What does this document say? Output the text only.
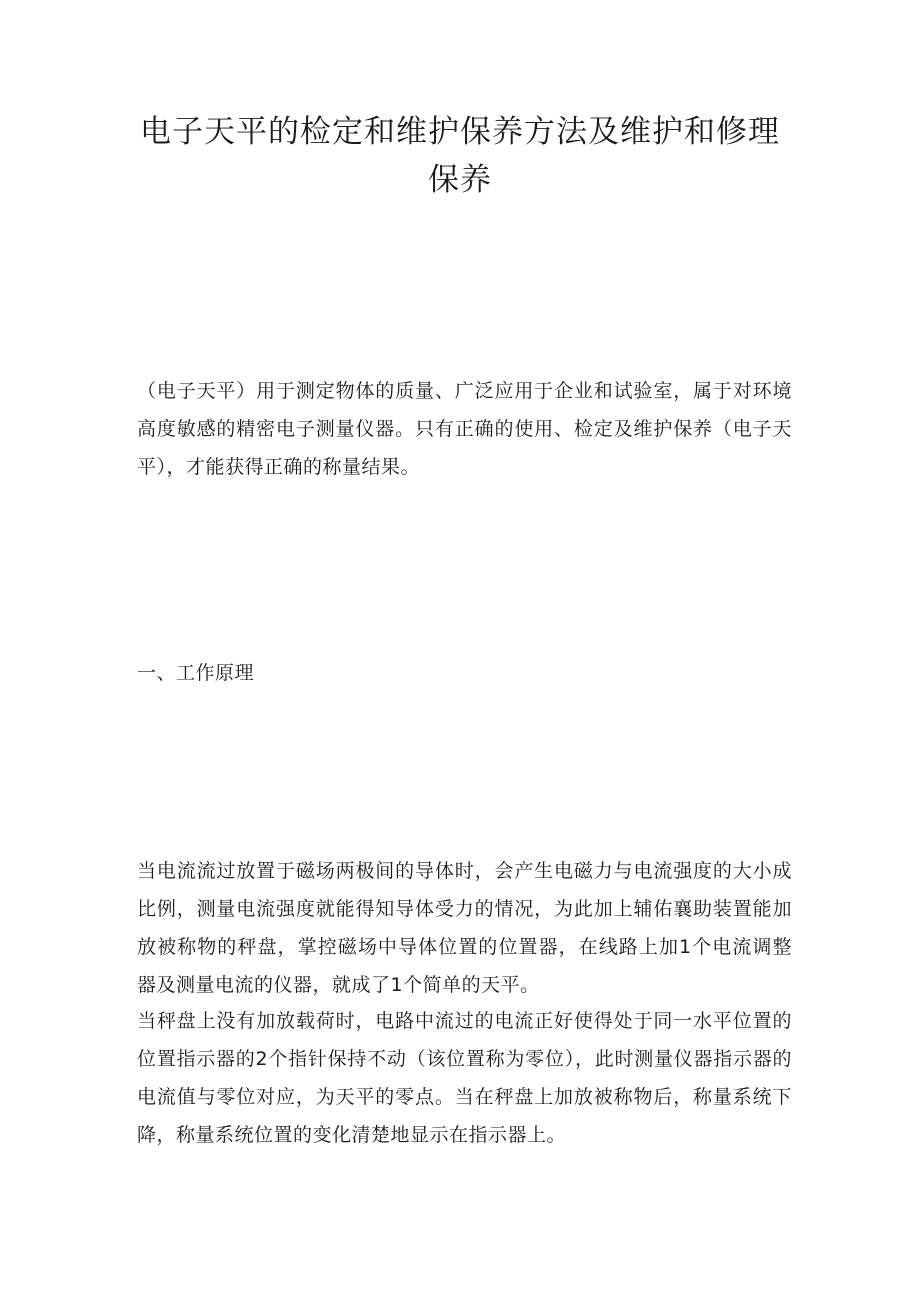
电子天平的检定和维护保养方法及维护和修理保养

（电子天平）用于测定物体的质量、广泛应用于企业和试验室，属于对环境高度敏感的精密电子测量仪器。只有正确的使用、检定及维护保养（电子天平），才能获得正确的称量结果。

一、工作原理

当电流流过放置于磁场两极间的导体时，会产生电磁力与电流强度的大小成比例，测量电流强度就能得知导体受力的情况，为此加上辅佑襄助装置能加放被称物的秤盘，掌控磁场中导体位置的位置器，在线路上加1个电流调整器及测量电流的仪器，就成了1个简单的天平。

当秤盘上没有加放载荷时，电路中流过的电流正好使得处于同一水平位置的位置指示器的2个指针保持不动（该位置称为零位），此时测量仪器指示器的电流值与零位对应，为天平的零点。当在秤盘上加放被称物后，称量系统下降，称量系统位置的变化清楚地显示在指示器上。
